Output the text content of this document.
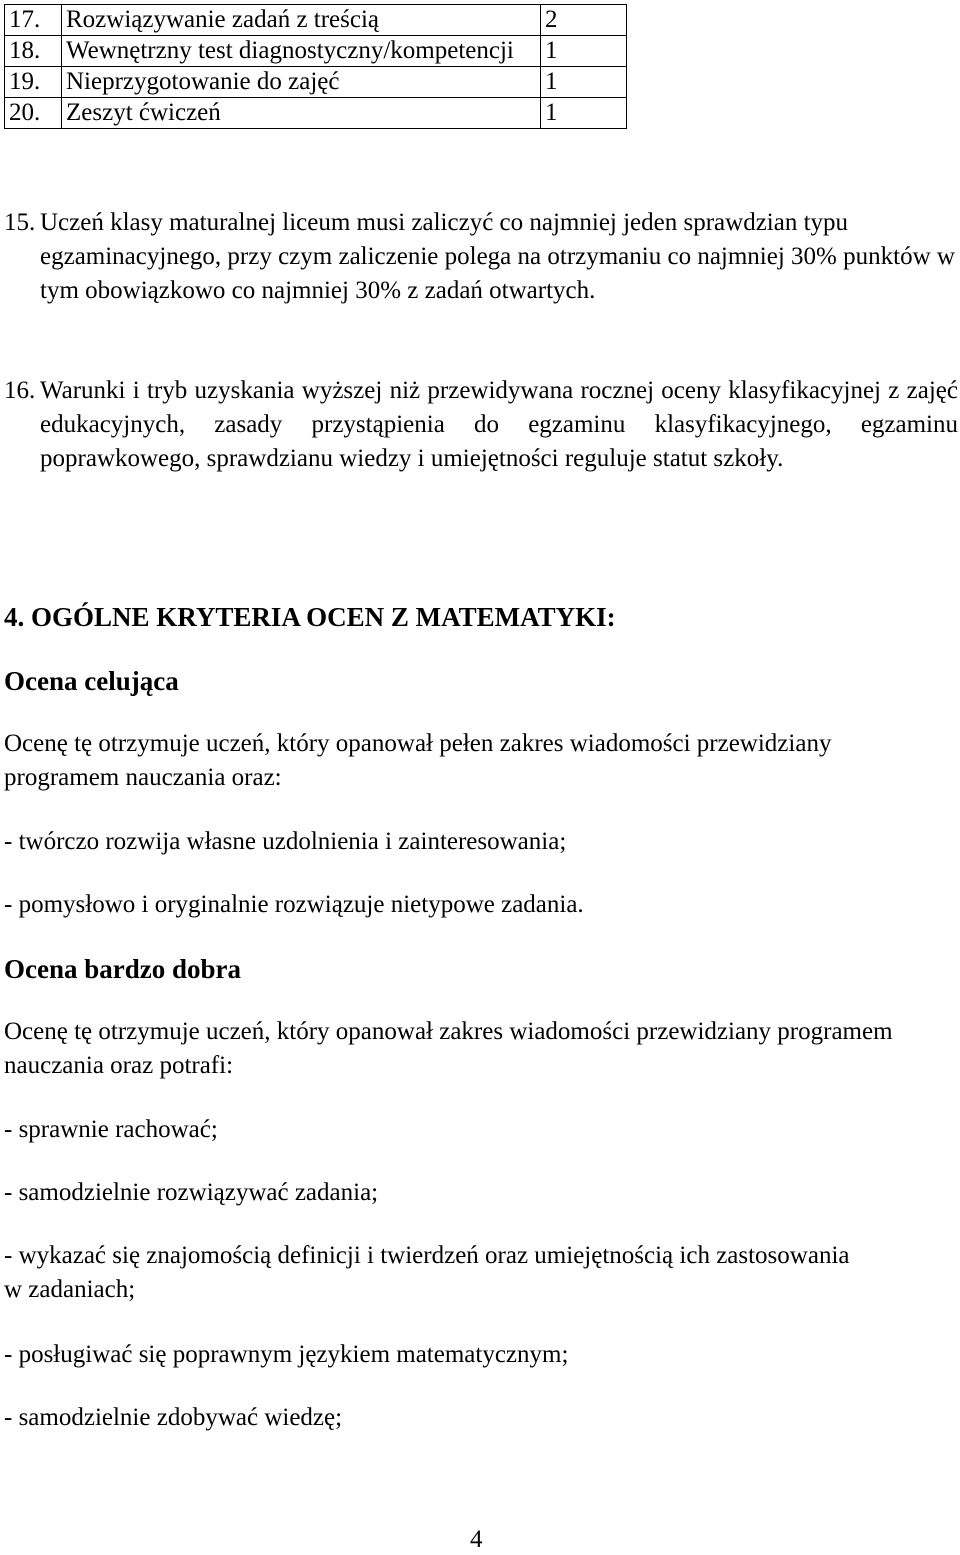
17.	Rozwiązywanie zadań z treścią	2
18.	Wewnętrzny test diagnostyczny/kompetencji	1
19.	Nieprzygotowanie do zajęć	1
20.	Zeszyt ćwiczeń	1
15. Uczeń klasy maturalnej liceum musi zaliczyć co najmniej jeden sprawdzian typu egzaminacyjnego, przy czym zaliczenie polega na otrzymaniu co najmniej 30% punktów w tym obowiązkowo co najmniej 30% z zadań otwartych.
16. Warunki i tryb uzyskania wyższej niż przewidywana rocznej oceny klasyfikacyjnej z zajęć edukacyjnych, zasady przystąpienia do egzaminu klasyfikacyjnego, egzaminu poprawkowego, sprawdzianu wiedzy i umiejętności reguluje statut szkoły.
4. OGÓLNE KRYTERIA OCEN Z MATEMATYKI:
Ocena celująca
Ocenę tę otrzymuje uczeń, który opanował pełen zakres wiadomości przewidziany programem nauczania oraz:
- twórczo rozwija własne uzdolnienia i zainteresowania;
- pomysłowo i oryginalnie rozwiązuje nietypowe zadania.
Ocena bardzo dobra
Ocenę tę otrzymuje uczeń, który opanował zakres wiadomości przewidziany programem nauczania oraz potrafi:
- sprawnie rachować;
- samodzielnie rozwiązywać zadania;
- wykazać się znajomością definicji i twierdzeń oraz umiejętnością ich zastosowania w zadaniach;
- posługiwać się poprawnym językiem matematycznym;
- samodzielnie zdobywać wiedzę;
4
